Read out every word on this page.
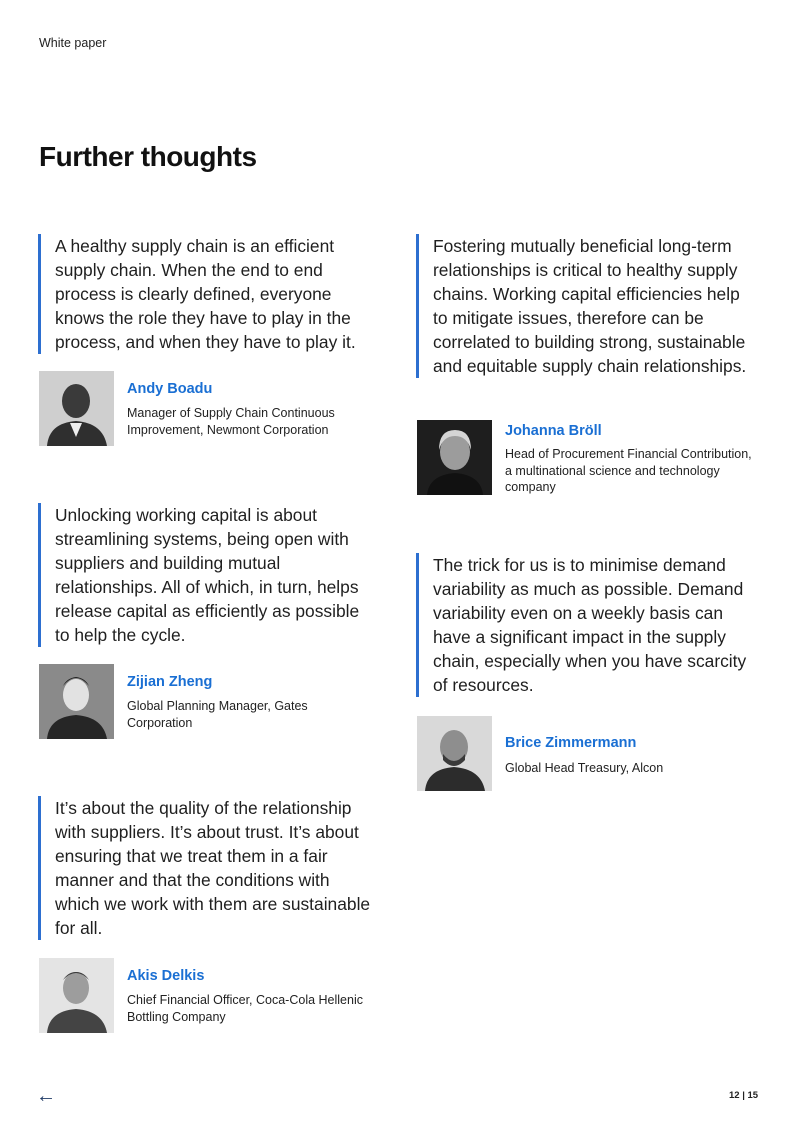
White paper
Further thoughts

A healthy supply chain is an efficient supply chain. When the end to end process is clearly defined, everyone knows the role they have to play in the process, and when they have to play it.

Andy Boadu
Manager of Supply Chain Continuous Improvement, Newmont Corporation

Unlocking working capital is about streamlining systems, being open with suppliers and building mutual relationships. All of which, in turn, helps release capital as efficiently as possible to help the cycle.

Zijian Zheng
Global Planning Manager, Gates Corporation

It’s about the quality of the relationship with suppliers. It’s about trust. It’s about ensuring that we treat them in a fair manner and that the conditions with which we work with them are sustainable for all.

Akis Delkis
Chief Financial Officer, Coca-Cola Hellenic Bottling Company

Fostering mutually beneficial long-term relationships is critical to healthy supply chains. Working capital efficiencies help to mitigate issues, therefore can be correlated to building strong, sustainable and equitable supply chain relationships.

Johanna Bröll
Head of Procurement Financial Contribution, a multinational science and technology company

The trick for us is to minimise demand variability as much as possible. Demand variability even on a weekly basis can have a significant impact in the supply chain, especially when you have scarcity of resources.

Brice Zimmermann
Global Head Treasury, Alcon
←	12 | 15
